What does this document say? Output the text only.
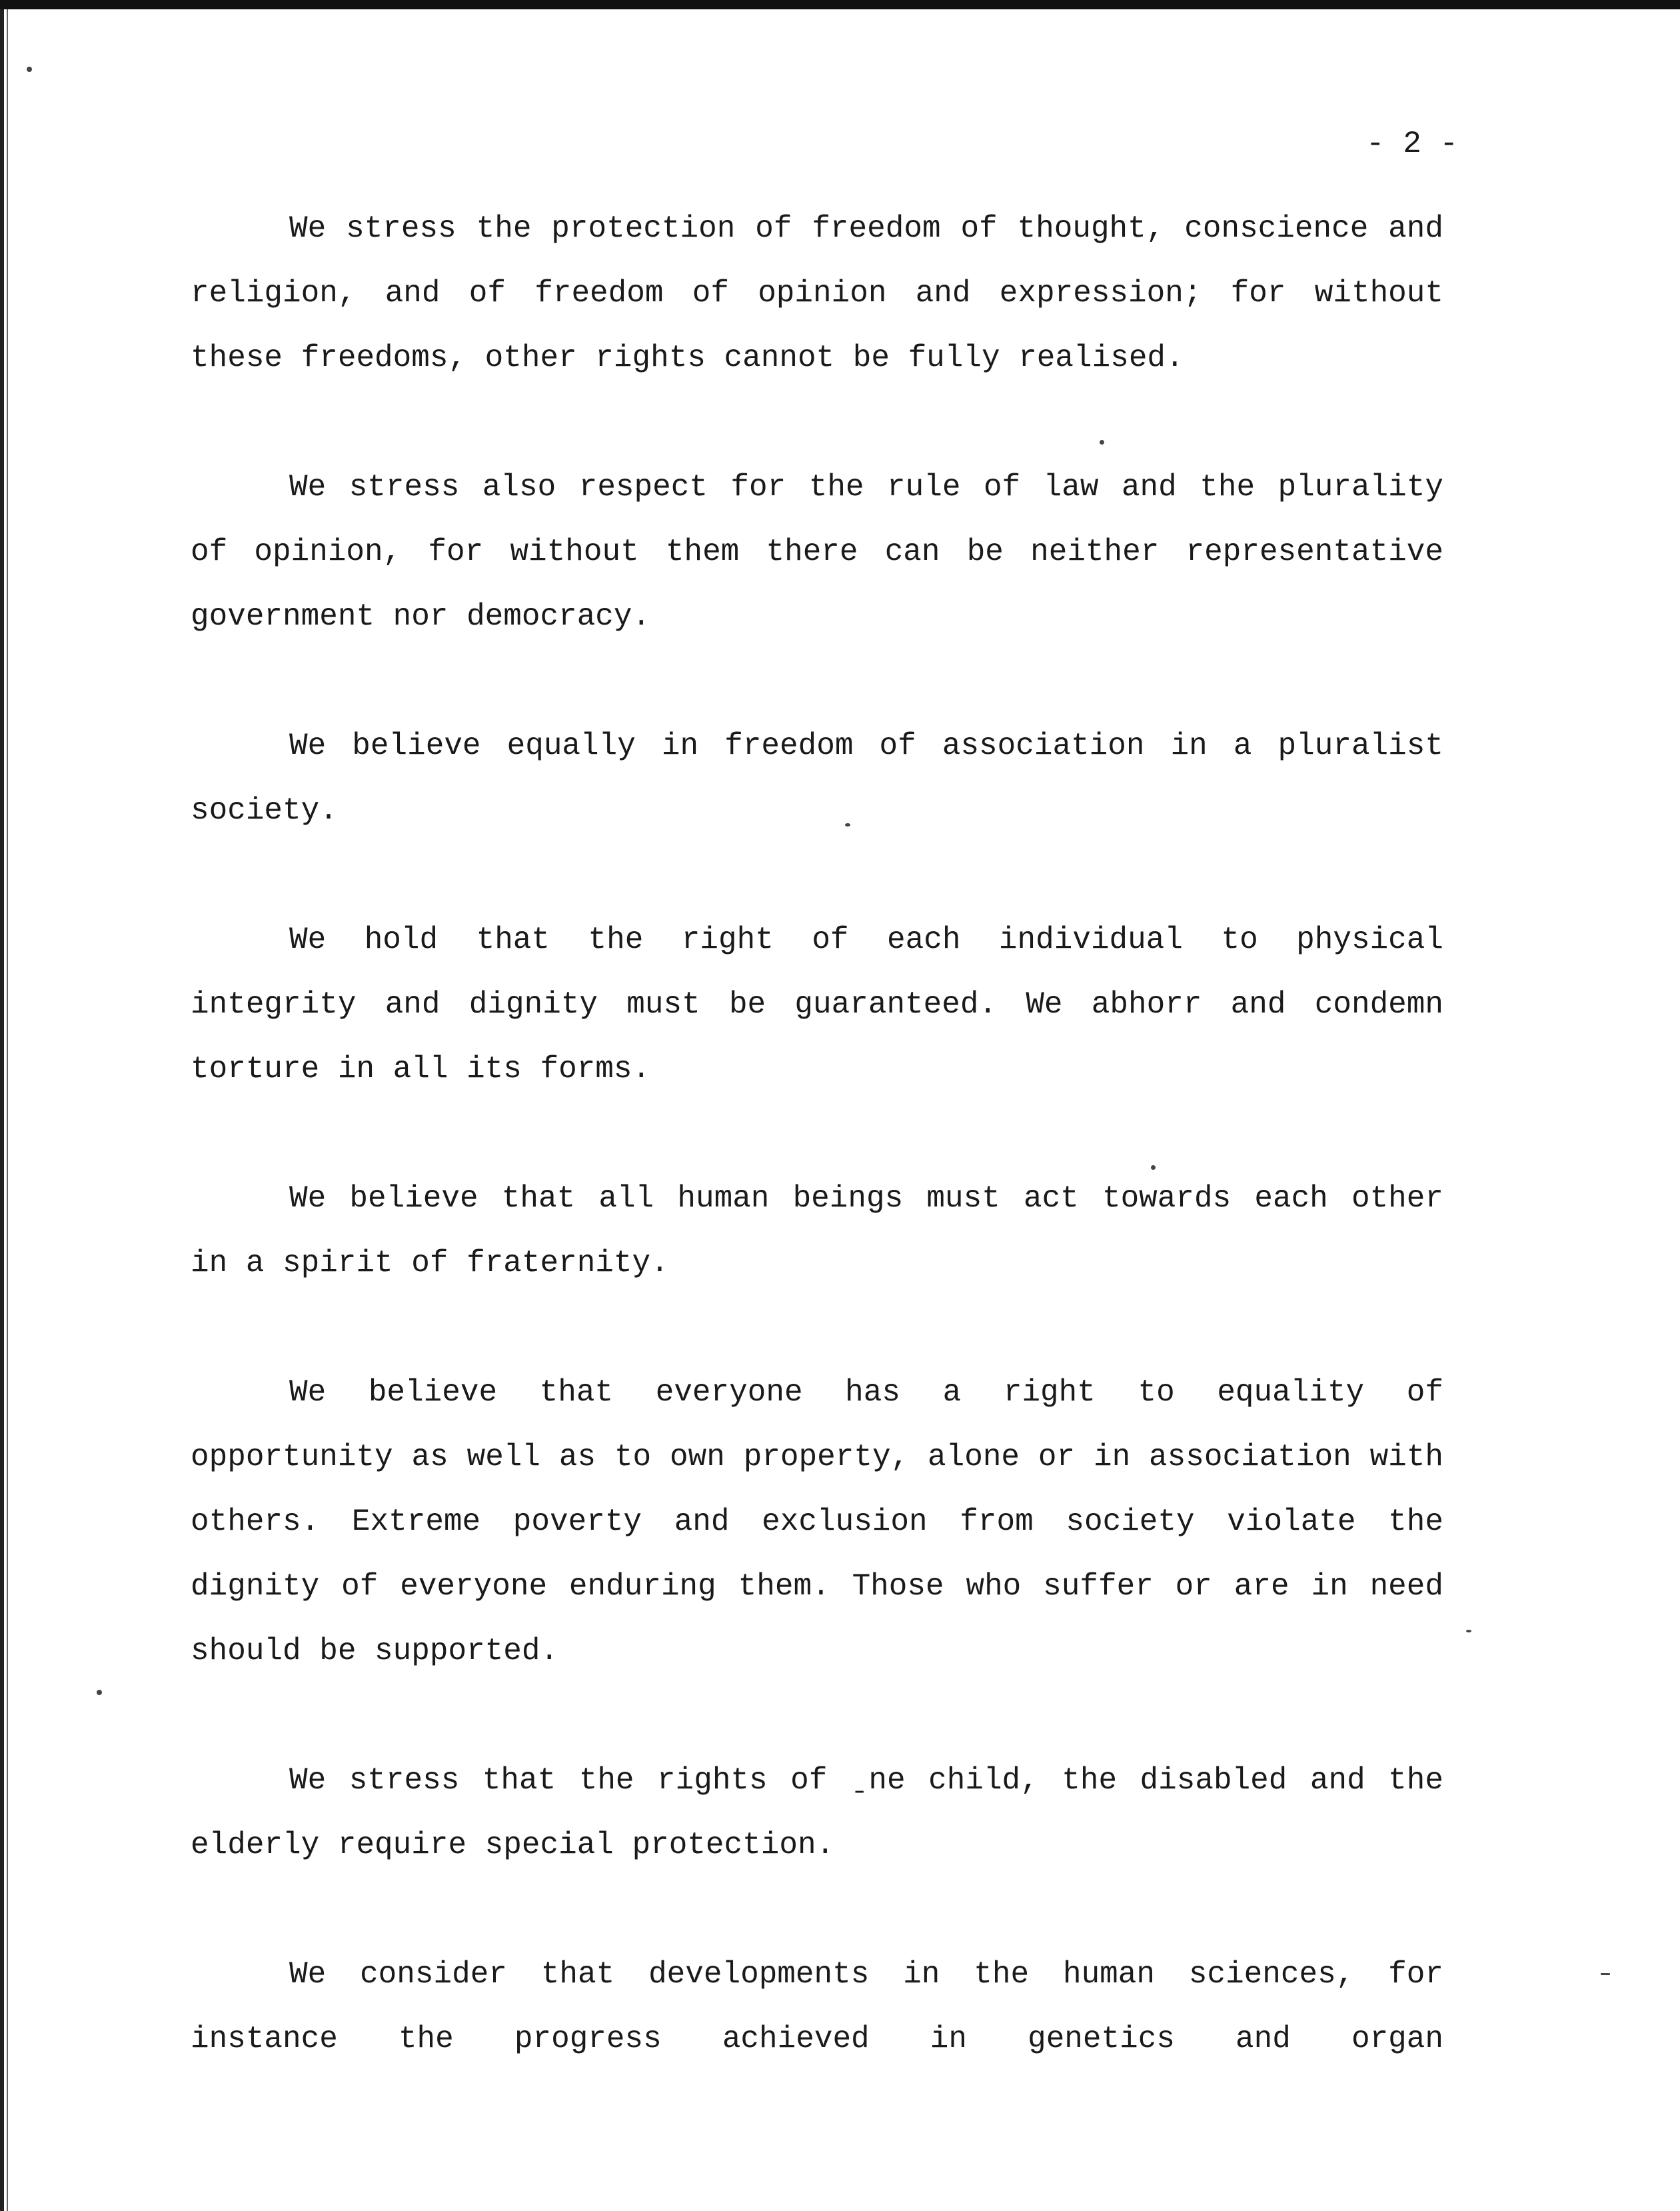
- 2 -

We stress the protection of freedom of thought, conscience and religion, and of freedom of opinion and expression; for without these freedoms, other rights cannot be fully realised.

We stress also respect for the rule of law and the plurality of opinion, for without them there can be neither representative government nor democracy.

We believe equally in freedom of association in a pluralist society.

We hold that the right of each individual to physical integrity and dignity must be guaranteed. We abhorr and condemn torture in all its forms.

We believe that all human beings must act towards each other in a spirit of fraternity.

We believe that everyone has a right to equality of opportunity as well as to own property, alone or in association with others. Extreme poverty and exclusion from society violate the dignity of everyone enduring them. Those who suffer or are in need should be supported.

We stress that the rights of ˍne child, the disabled and the elderly require special protection.

We consider that developments in the human sciences, for instance the progress achieved in genetics and organ
